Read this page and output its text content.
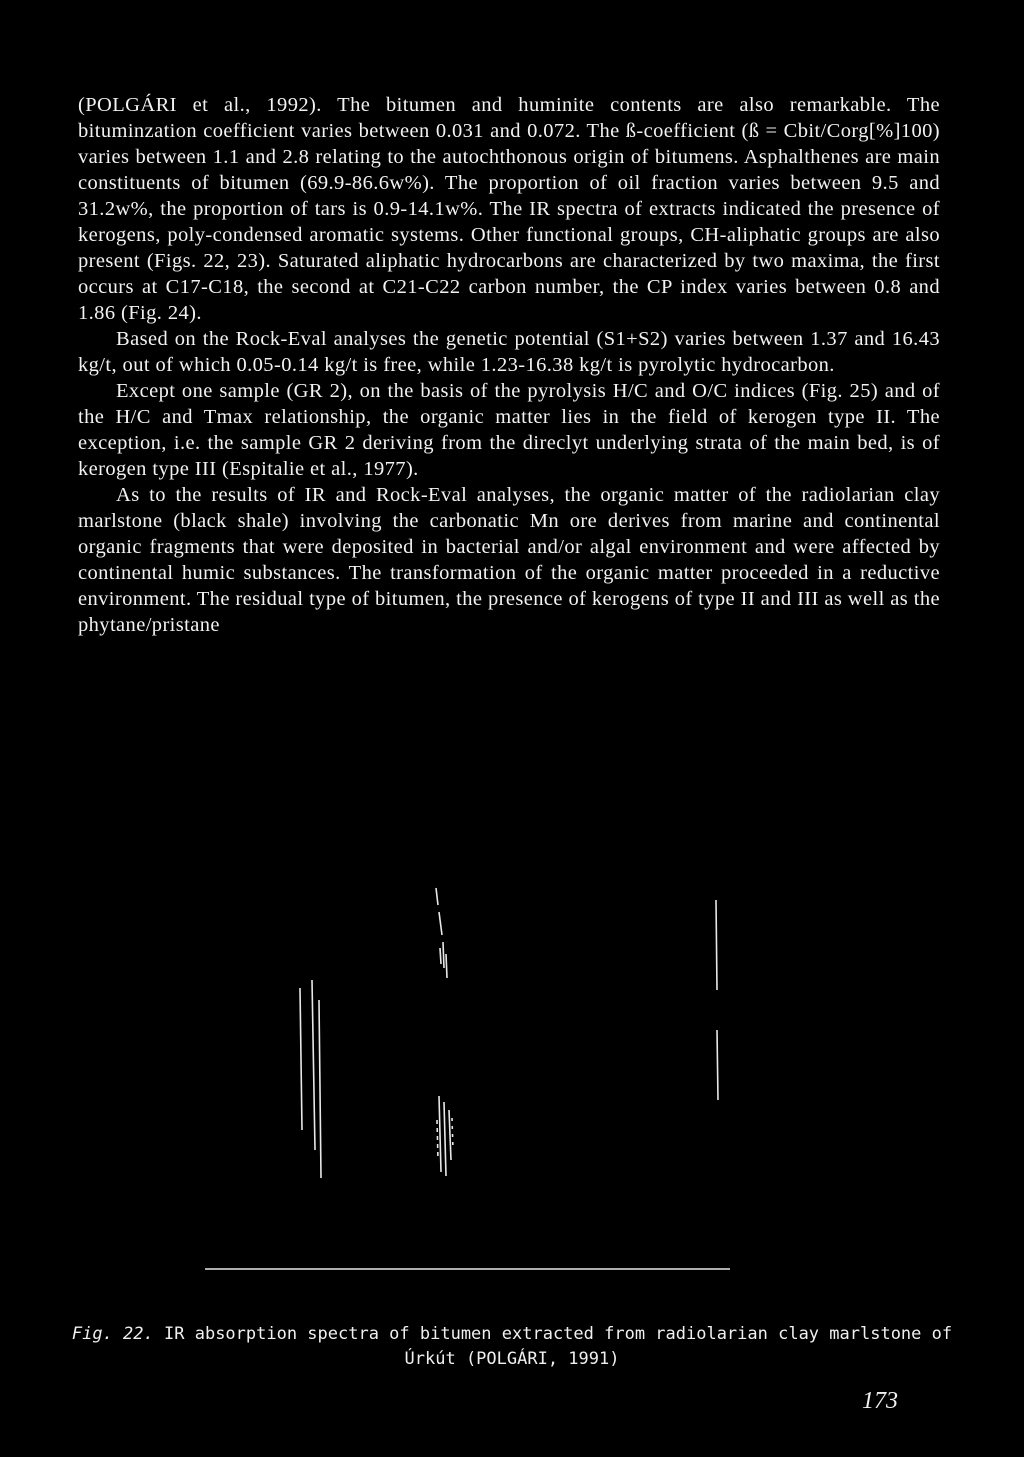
(POLGÁRI et al., 1992). The bitumen and huminite contents are also remarkable. The bituminzation coefficient varies between 0.031 and 0.072. The ß-coefficient (ß = Cbit/Corg[%]100) varies between 1.1 and 2.8 relating to the autochthonous origin of bitumens. Asphalthenes are main constituents of bitumen (69.9-86.6w%). The proportion of oil fraction varies between 9.5 and 31.2w%, the proportion of tars is 0.9-14.1w%. The IR spectra of extracts indicated the presence of kerogens, poly-condensed aromatic systems. Other functional groups, CH-aliphatic groups are also present (Figs. 22, 23). Saturated aliphatic hydrocarbons are characterized by two maxima, the first occurs at C17-C18, the second at C21-C22 carbon number, the CP index varies between 0.8 and 1.86 (Fig. 24).

Based on the Rock-Eval analyses the genetic potential (S1+S2) varies between 1.37 and 16.43 kg/t, out of which 0.05-0.14 kg/t is free, while 1.23-16.38 kg/t is pyrolytic hydrocarbon.

Except one sample (GR 2), on the basis of the pyrolysis H/C and O/C indices (Fig. 25) and of the H/C and Tmax relationship, the organic matter lies in the field of kerogen type II. The exception, i.e. the sample GR 2 deriving from the direclyt underlying strata of the main bed, is of kerogen type III (Espitalie et al., 1977).

As to the results of IR and Rock-Eval analyses, the organic matter of the radiolarian clay marlstone (black shale) involving the carbonatic Mn ore derives from marine and continental organic fragments that were deposited in bacterial and/or algal environment and were affected by continental humic substances. The transformation of the organic matter proceeded in a reductive environment. The residual type of bitumen, the presence of kerogens of type II and III as well as the phytane/pristane

Fig. 22. IR absorption spectra of bitumen extracted from radiolarian clay marlstone of Úrkút (POLGÁRI, 1991)
173
